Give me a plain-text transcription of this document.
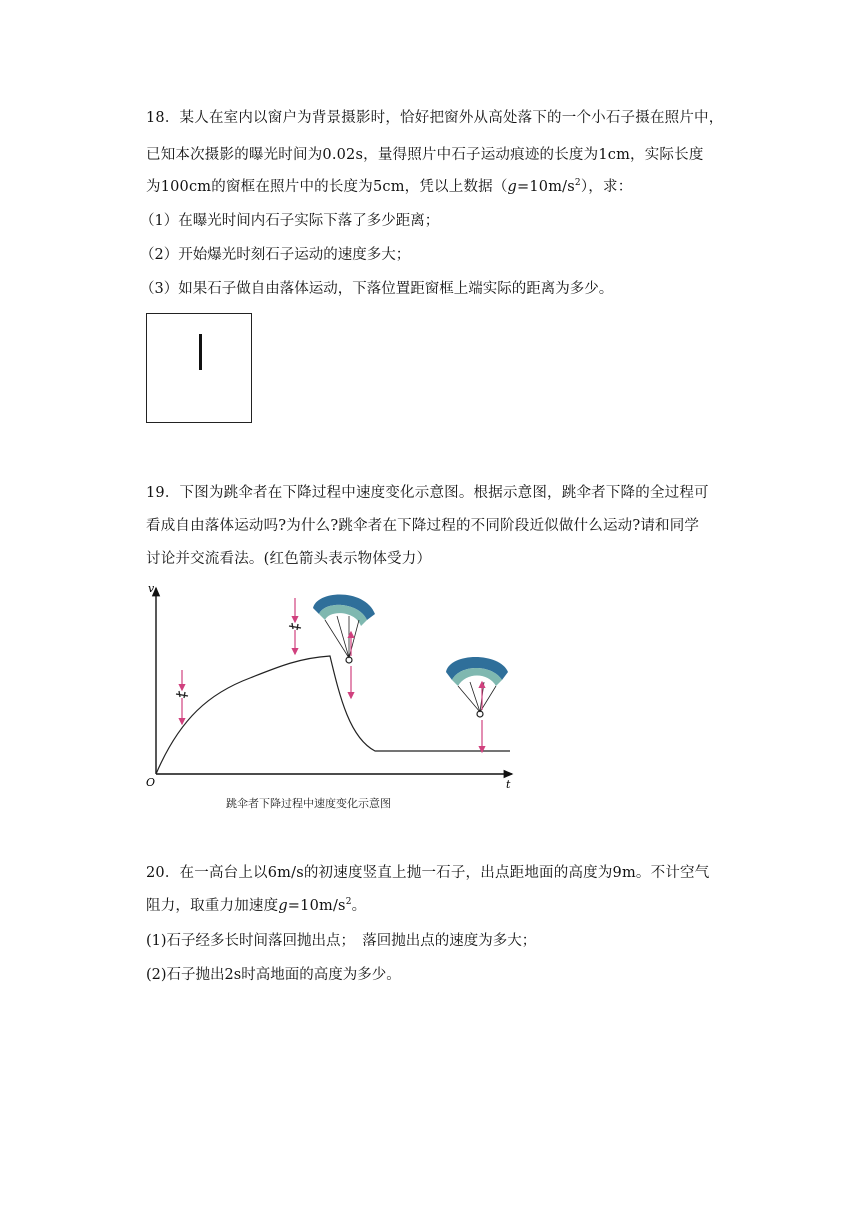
18．某人在室内以窗户为背景摄影时，恰好把窗外从高处落下的一个小石子摄在照片中，
已知本次摄影的曝光时间为0.02s，量得照片中石子运动痕迹的长度为1cm，实际长度
为100cm的窗框在照片中的长度为5cm，凭以上数据$(g=10m/s^2)$，求：
（1）在曝光时间内石子实际下落了多少距离；
（2）开始爆光时刻石子运动的速度多大；
（3）如果石子做自由落体运动，下落位置距窗框上端实际的距离为多少。
19．下图为跳伞者在下降过程中速度变化示意图。根据示意图，跳伞者下降的全过程可
看成自由落体运动吗?为什么?跳伞者在下降过程的不同阶段近似做什么运动?请和同学
讨论并交流看法。(红色箭头表示物体受力）
v
t
O
跳伞者下降过程中速度变化示意图
20．在一高台上以6m/s的初速度竖直上抛一石子，出点距地面的高度为9m。不计空气
阻力，取重力加速度$g=10m/s^2$。
(1)石子经多长时间落回抛出点；　落回抛出点的速度为多大；
(2)石子抛出2s时高地面的高度为多少。
